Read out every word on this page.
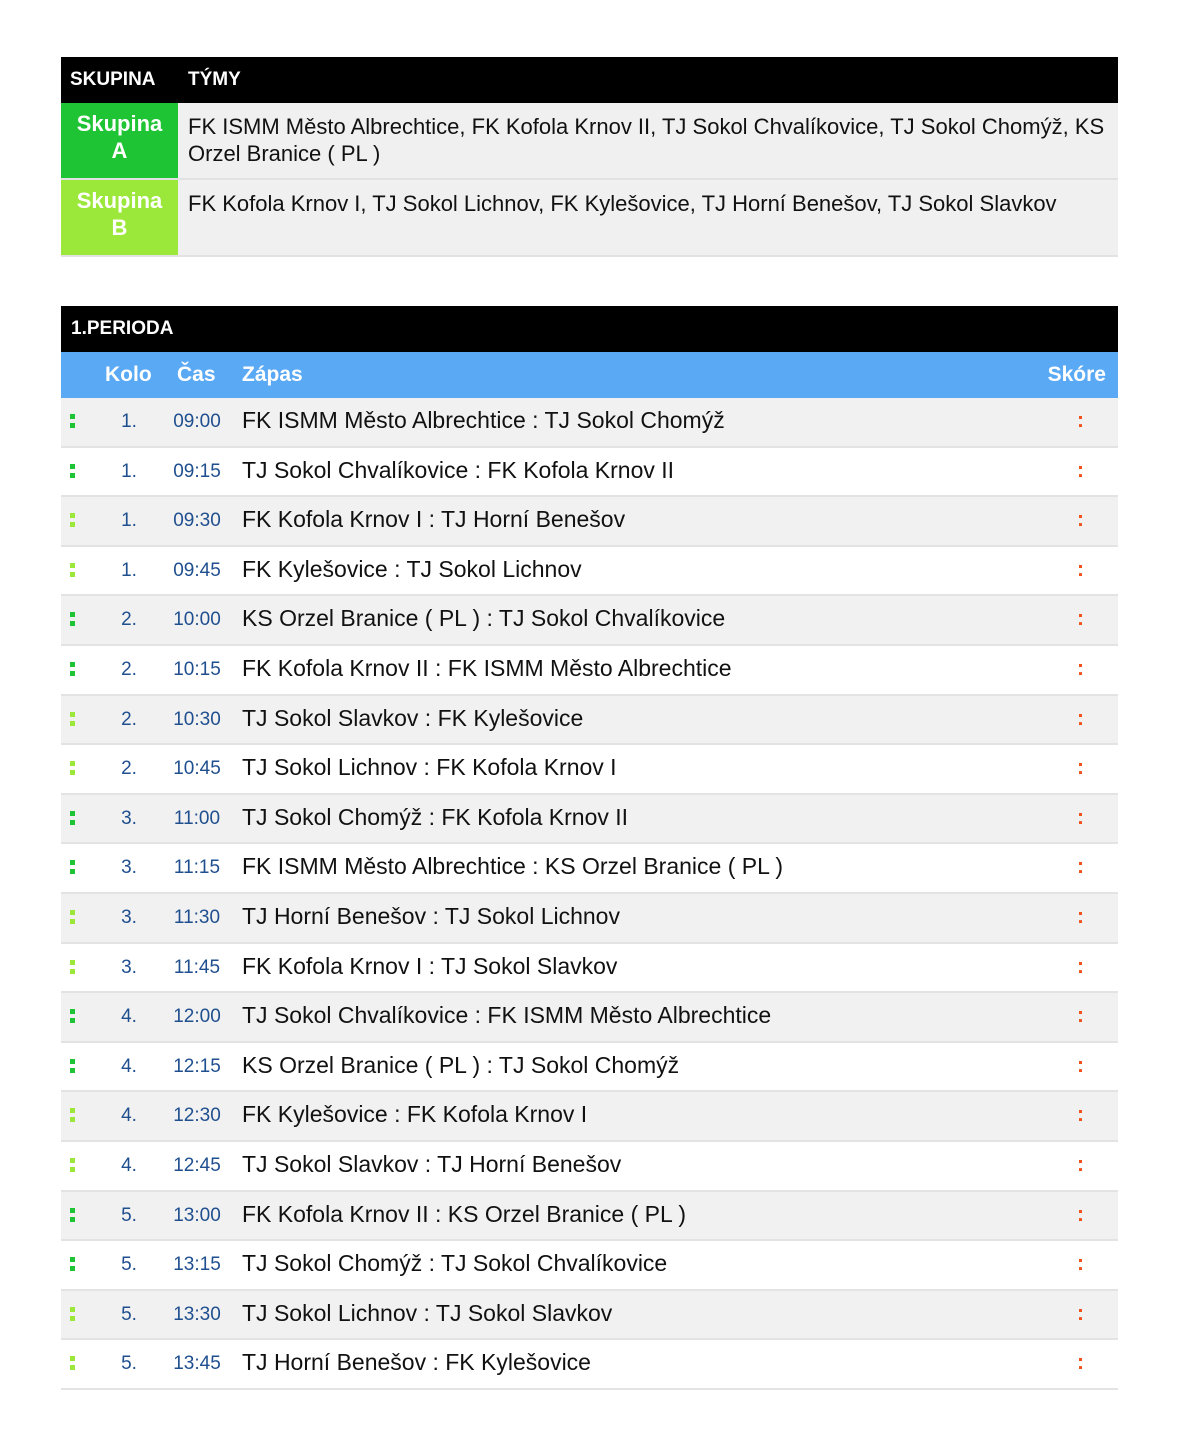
SKUPINA	TÝMY
Skupina
A
FK ISMM Město Albrechtice, FK Kofola Krnov II, TJ Sokol Chvalíkovice, TJ Sokol Chomýž, KS Orzel Branice ( PL )
Skupina
B
FK Kofola Krnov I, TJ Sokol Lichnov, FK Kylešovice, TJ Horní Benešov, TJ Sokol Slavkov
1.PERIODA
Kolo Čas Zápas	Skóre
1.	09:00 FK ISMM Město Albrechtice : TJ Sokol Chomýž	:
1.	09:15 TJ Sokol Chvalíkovice : FK Kofola Krnov II	:
1.	09:30 FK Kofola Krnov I : TJ Horní Benešov	:
1.	09:45 FK Kylešovice : TJ Sokol Lichnov	:
2.	10:00 KS Orzel Branice ( PL ) : TJ Sokol Chvalíkovice	:
2.	10:15 FK Kofola Krnov II : FK ISMM Město Albrechtice	:
2.	10:30 TJ Sokol Slavkov : FK Kylešovice	:
2.	10:45 TJ Sokol Lichnov : FK Kofola Krnov I	:
3.	11:00 TJ Sokol Chomýž : FK Kofola Krnov II	:
3.	11:15 FK ISMM Město Albrechtice : KS Orzel Branice ( PL )	:
3.	11:30 TJ Horní Benešov : TJ Sokol Lichnov	:
3.	11:45 FK Kofola Krnov I : TJ Sokol Slavkov	:
4.	12:00 TJ Sokol Chvalíkovice : FK ISMM Město Albrechtice	:
4.	12:15 KS Orzel Branice ( PL ) : TJ Sokol Chomýž	:
4.	12:30 FK Kylešovice : FK Kofola Krnov I	:
4.	12:45 TJ Sokol Slavkov : TJ Horní Benešov	:
5.	13:00 FK Kofola Krnov II : KS Orzel Branice ( PL )	:
5.	13:15 TJ Sokol Chomýž : TJ Sokol Chvalíkovice	:
5.	13:30 TJ Sokol Lichnov : TJ Sokol Slavkov	:
5.	13:45 TJ Horní Benešov : FK Kylešovice	:
